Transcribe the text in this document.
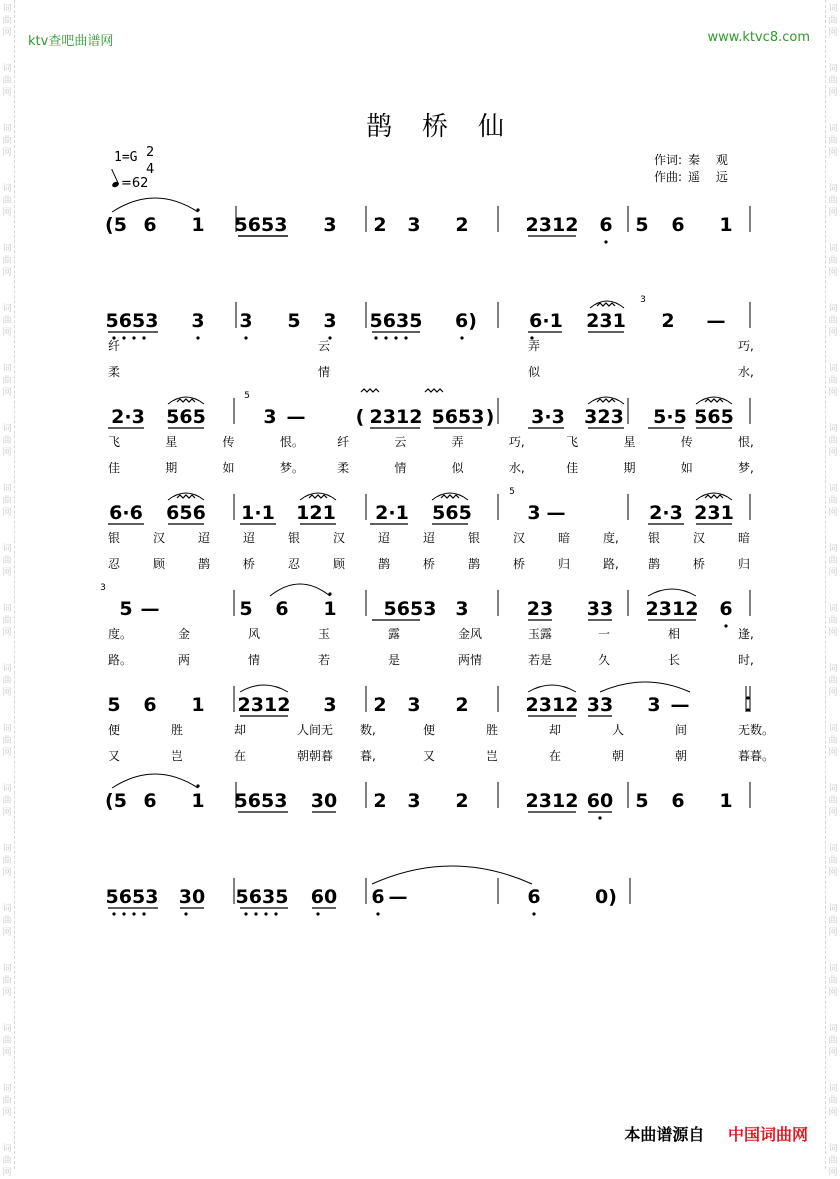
词
曲
网
词
曲
网
词
曲
网
词
曲
网
词
曲
网
词
曲
网
词
曲
网
词
曲
网
词
曲
网
词
曲
网
词
曲
网
词
曲
网
词
曲
网
词
曲
网
词
曲
网
词
曲
网
词
曲
网
词
曲
网
词
曲
网
词
曲
网
词
曲
网
词
曲
网
词
曲
网
词
曲
网
词
曲
网
词
曲
网
词
曲
网
词
曲
网
词
曲
网
词
曲
网
词
曲
网
词
曲
网
词
曲
网
词
曲
网
词
曲
网
词
曲
网
词
曲
网
词
曲
网
词
曲
网
词
曲
网
ktv查吧曲谱网	www.ktvc8.com
鹊桥仙
1=G 2
4
=62
作词: 秦 观
作曲: 遥 远
(5 6 1 5653 3 2 3 2	2312 6 5 6 1
5653 3 3 5 3 5635 6)	6·1 231 2 —
纤	云	弄	巧,
柔	情	似	水,
2·3 565	3 —	( 2312 5653 ) 3·3 323 5·5 565
飞	星	传	恨。	纤	云	弄	巧,	飞	星	传	恨,
佳	期	如	梦。	柔	情	似	水,	佳	期	如	梦,
6·6 656 1·1 121 2·1 565	3 —	2·3 231
银	汉	迢	迢	银	汉	迢	迢	银	汉	暗	度, 银	汉	暗
忍	顾	鹊	桥	忍	顾	鹊	桥	鹊	桥	归	路, 鹊	桥	归
5 —	5 6 1 5653 3	23 33 2312 6
度。	金	风	玉	露	金风	玉露	一	相	逢,
路。	两	情	若	是	两情	若是	久	长	时,
5 6 1 2312 3 2 3 2	2312 33 3 —
便	胜	却	人间无 数,	便	胜	却	人	间	无数。
又	岂	在	朝朝暮 暮,	又	岂	在	朝	朝	暮暮。
(5 6 1 5653 30 2 3 2	2312 60 5 6 1
5653 30 5635 60 6 —	6	0)
3
5
5
3
本曲谱源自 中国词曲网
